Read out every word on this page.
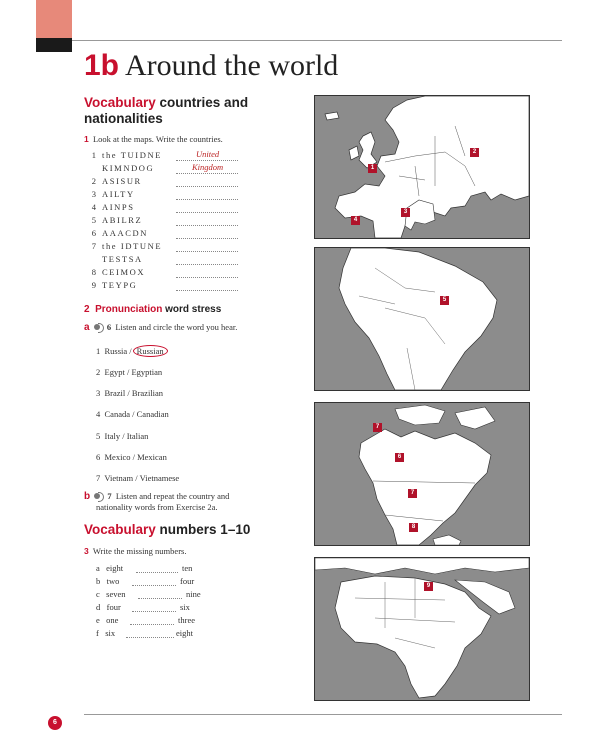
1b Around the world
Vocabulary countries and
nationalities
1 Look at the maps. Write the countries.
1 the TUIDNE
KIMNDOG
2 ASISUR
3 AILTY
4 AINPS
5 ABILRZ
6 AAACDN
7 the IDTUNE
TESTSA
8 CEIMOX
9 TEYPG
United
Kingdom
2 Pronunciation word stress
a 6 Listen and circle the word you hear.
1 Russia / Russian
2 Egypt / Egyptian
3 Brazil / Brazilian
4 Canada / Canadian
5 Italy / Italian
6 Mexico / Mexican
7 Vietnam / Vietnamese
b 7 Listen and repeat the country and
nationality words from Exercise 2a.
Vocabulary numbers 1–10
3 Write the missing numbers.
a eight
b two
c seven
d four
e one
f six
ten
four
nine
six
three
eight
1
2
3
4
5
7
6
7
8
9
6
